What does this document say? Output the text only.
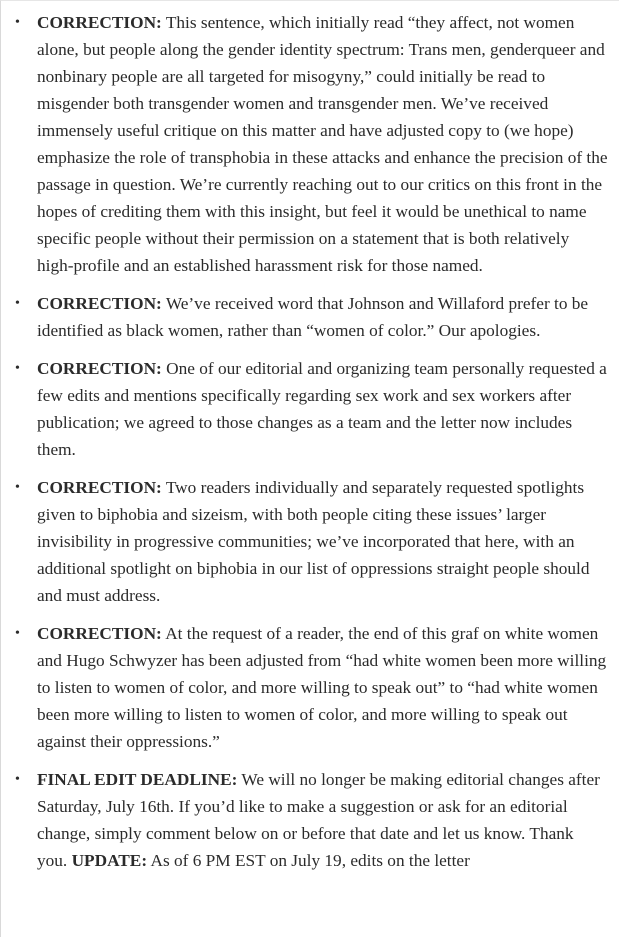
• CORRECTION: This sentence, which initially read “they affect, not women alone, but people along the gender identity spectrum: Trans men, genderqueer and nonbinary people are all targeted for misogyny,” could initially be read to misgender both transgender women and transgender men. We’ve received immensely useful critique on this matter and have adjusted copy to (we hope) emphasize the role of transphobia in these attacks and enhance the precision of the passage in question. We’re currently reaching out to our critics on this front in the hopes of crediting them with this insight, but feel it would be unethical to name specific people without their permission on a statement that is both relatively high-profile and an established harassment risk for those named.
• CORRECTION: We’ve received word that Johnson and Willaford prefer to be identified as black women, rather than “women of color.” Our apologies.
• CORRECTION: One of our editorial and organizing team personally requested a few edits and mentions specifically regarding sex work and sex workers after publication; we agreed to those changes as a team and the letter now includes them.
• CORRECTION: Two readers individually and separately requested spotlights given to biphobia and sizeism, with both people citing these issues’ larger invisibility in progressive communities; we’ve incorporated that here, with an additional spotlight on biphobia in our list of oppressions straight people should and must address.
• CORRECTION: At the request of a reader, the end of this graf on white women and Hugo Schwyzer has been adjusted from “had white women been more willing to listen to women of color, and more willing to speak out” to “had white women been more willing to listen to women of color, and more willing to speak out against their oppressions.”
• FINAL EDIT DEADLINE: We will no longer be making editorial changes after Saturday, July 16th. If you’d like to make a suggestion or ask for an editorial change, simply comment below on or before that date and let us know. Thank you. UPDATE: As of 6 PM EST on July 19, edits on the letter
